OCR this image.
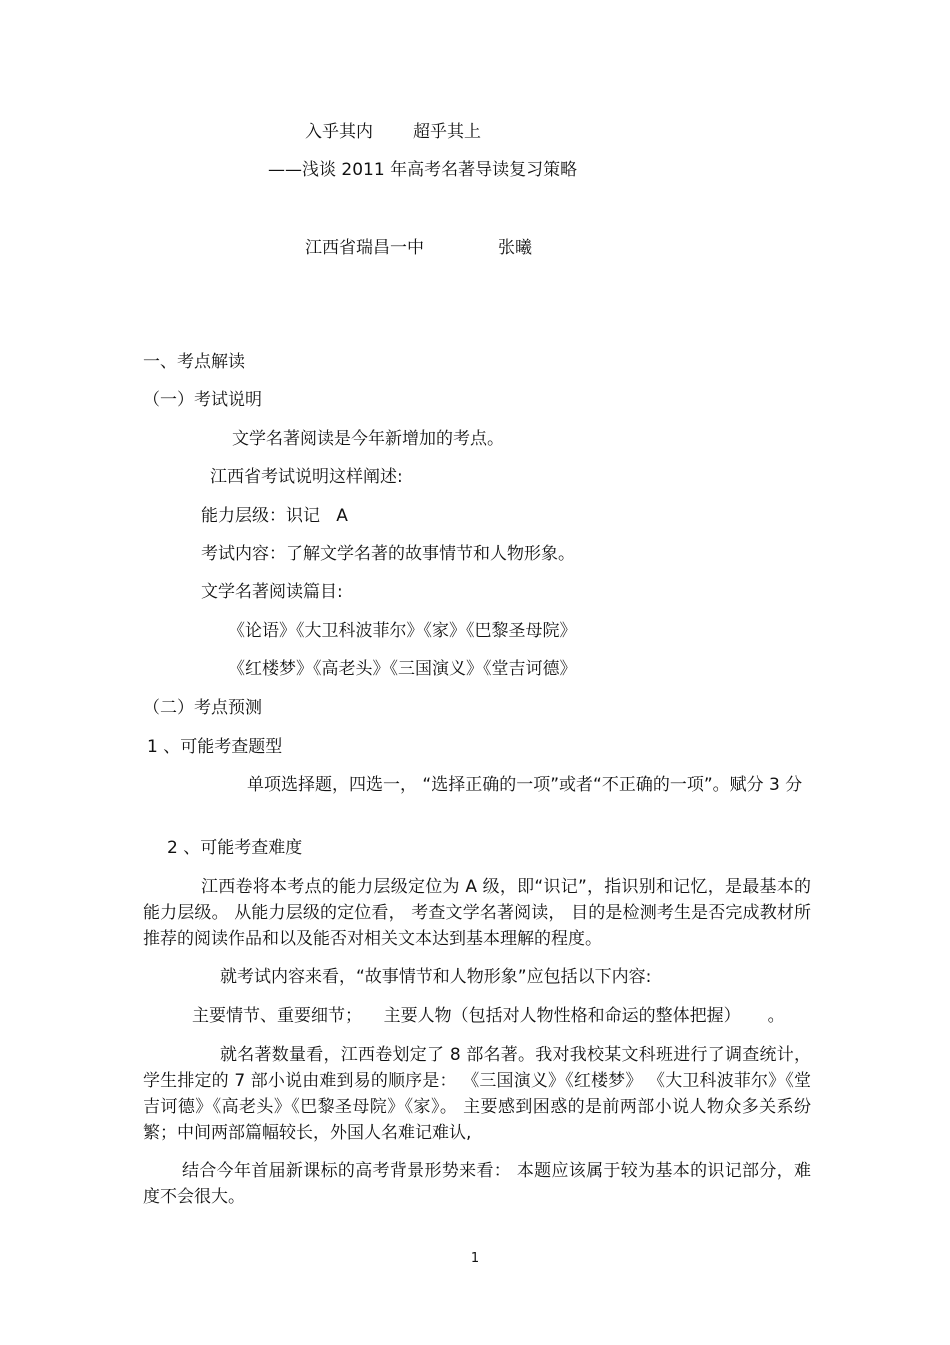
入乎其内 超乎其上
——浅谈 2011 年高考名著导读复习策略
江西省瑞昌一中	张曦
一、考点解读
（一）考试说明
文学名著阅读是今年新增加的考点。
江西省考试说明这样阐述:
能力层级：识记   A
考试内容：了解文学名著的故事情节和人物形象。
文学名著阅读篇目:
《论语》《大卫科波菲尔》《家》《巴黎圣母院》
《红楼梦》《高老头》《三国演义》《堂吉诃德》
（二）考点预测
1 、可能考查题型
单项选择题，四选一， “选择正确的一项”或者“不正确的一项”。赋分 3 分
2 、可能考查难度
江西卷将本考点的能力层级定位为 A 级，即“识记”，指识别和记忆，是最基本的能力层级。 从能力层级的定位看， 考查文学名著阅读， 目的是检测考生是否完成教材所推荐的阅读作品和以及能否对相关文本达到基本理解的程度。
就考试内容来看，“故事情节和人物形象”应包括以下内容:
主要情节、重要细节；    主要人物（包括对人物性格和命运的整体把握）     。
就名著数量看，江西卷划定了 8 部名著。我对我校某文科班进行了调查统计，学生排定的 7 部小说由难到易的顺序是： 《三国演义》《红楼梦》 《大卫科波菲尔》《堂吉诃德》《高老头》《巴黎圣母院》《家》。 主要感到困惑的是前两部小说人物众多关系纷繁；中间两部篇幅较长，外国人名难记难认,
结合今年首届新课标的高考背景形势来看： 本题应该属于较为基本的识记部分，难度不会很大。
1
